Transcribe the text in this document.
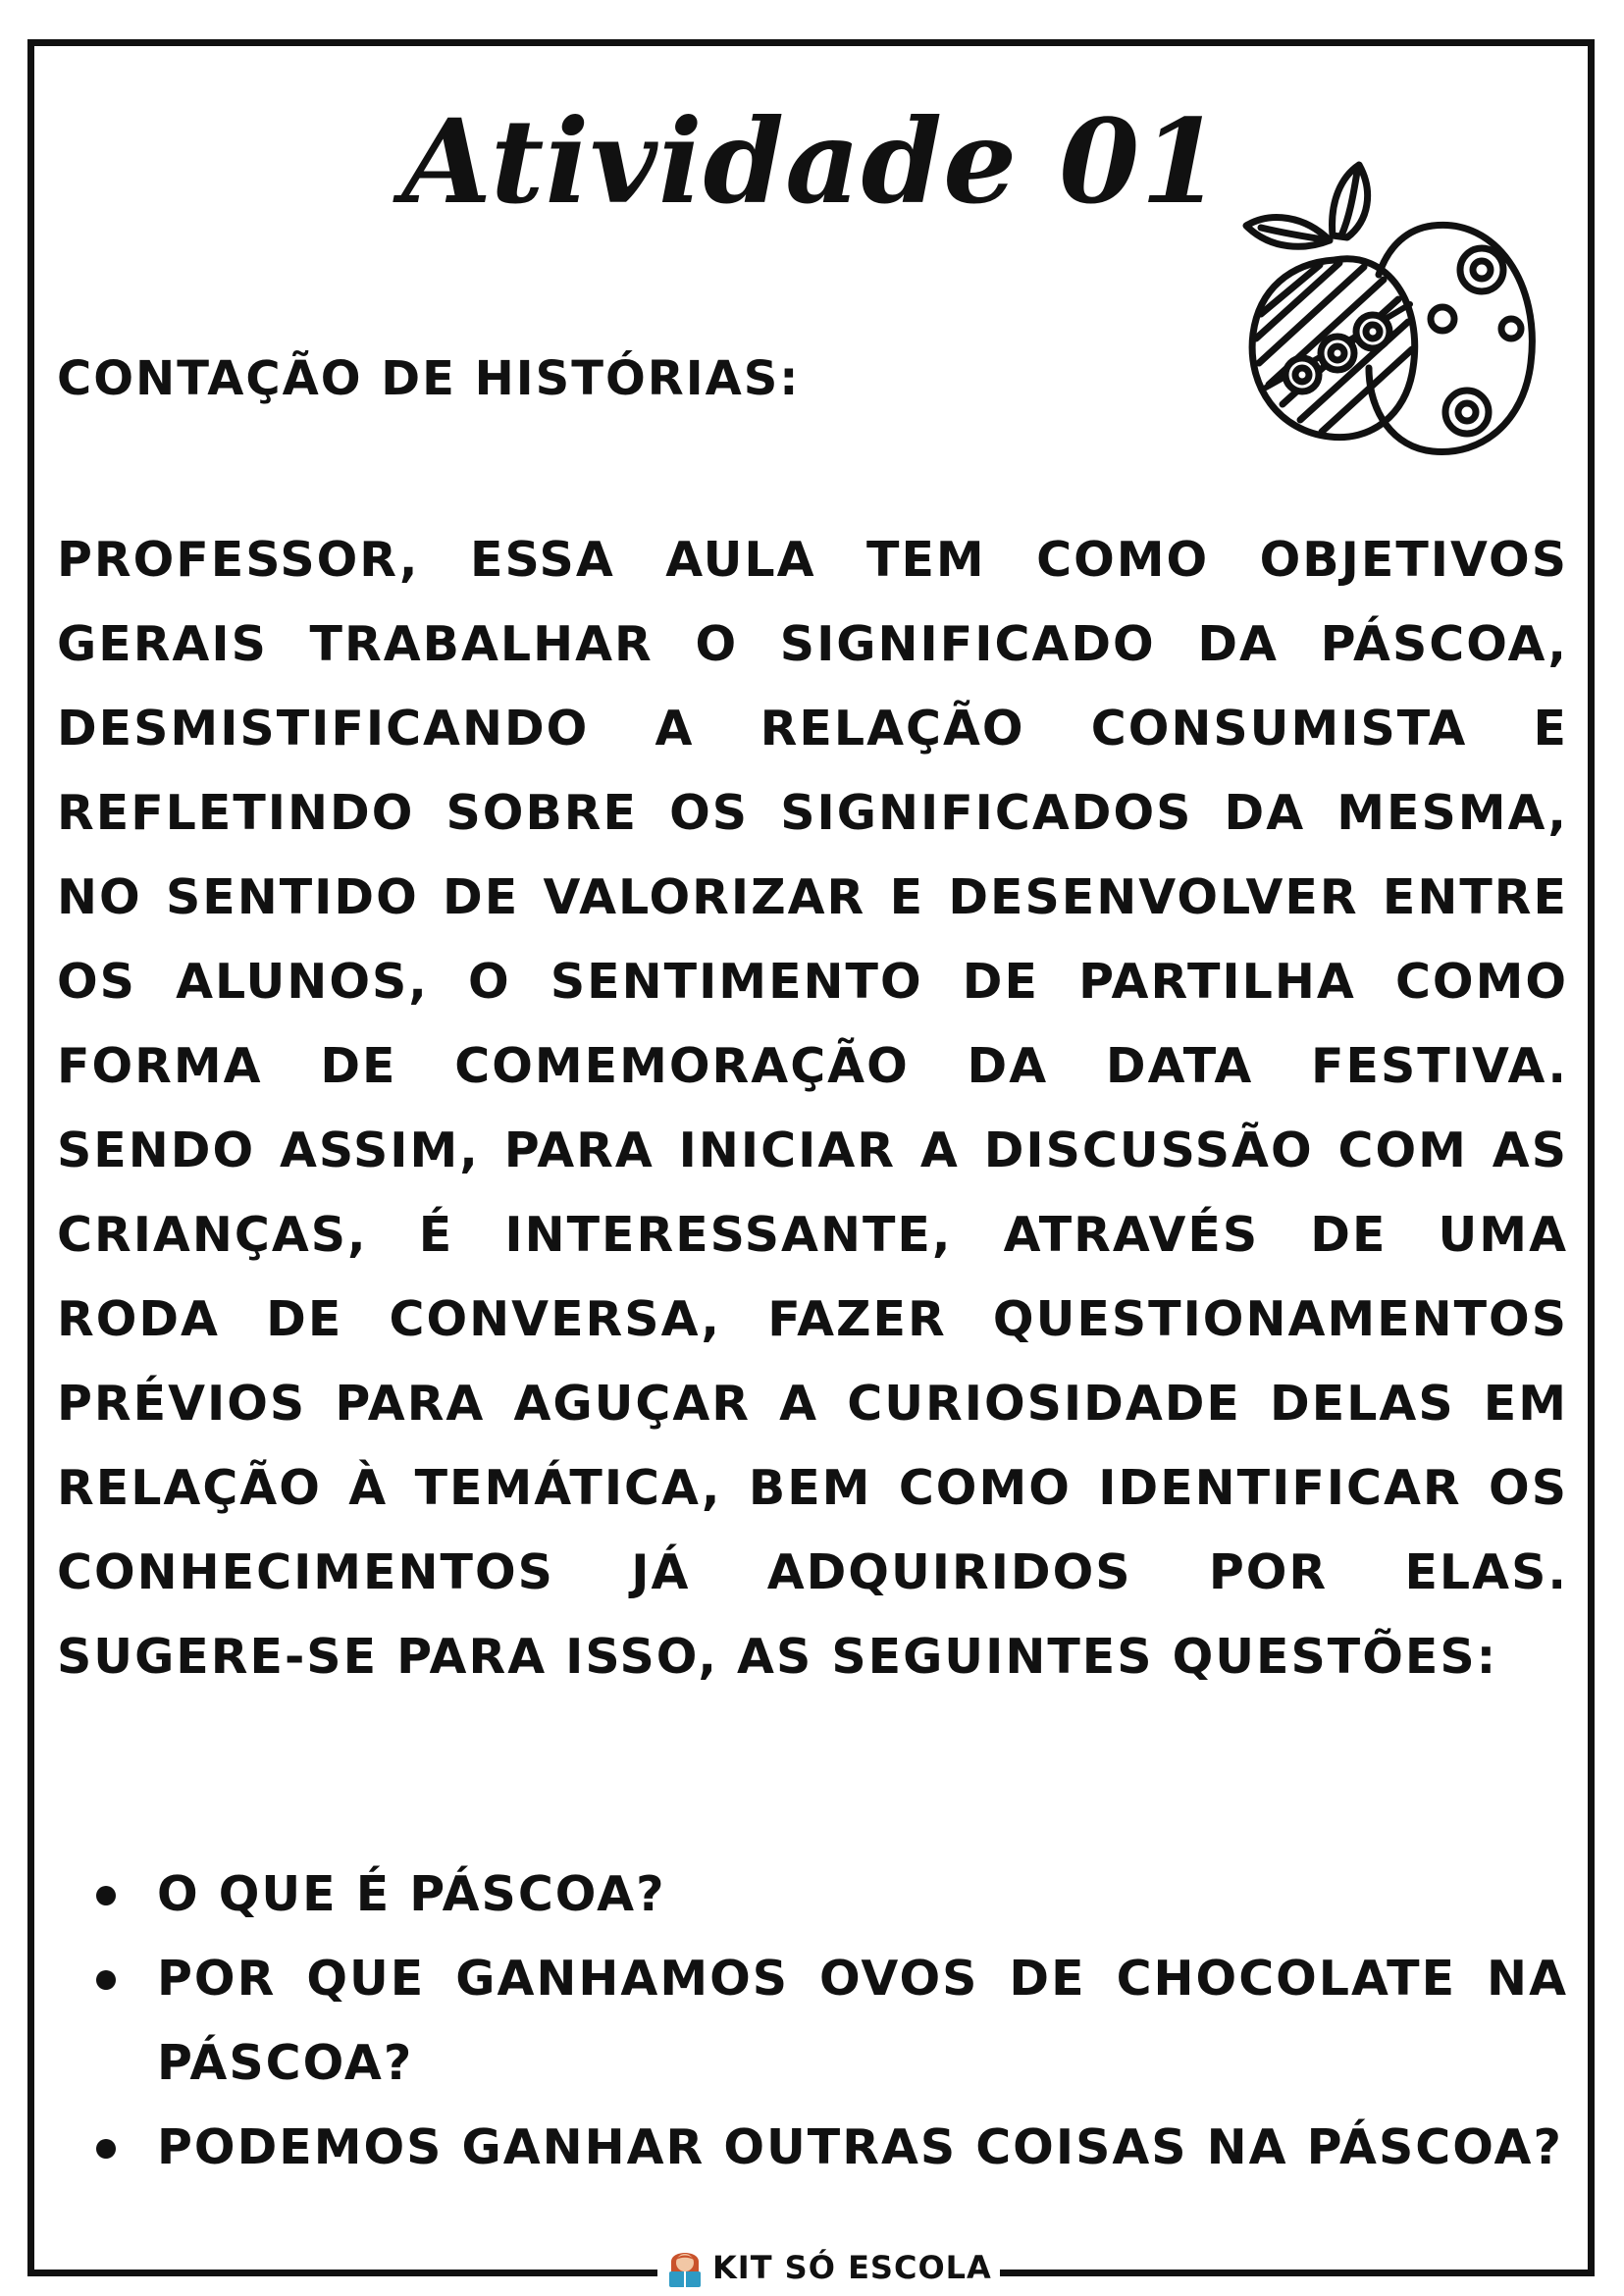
Atividade 01

CONTAÇÃO DE HISTÓRIAS:

PROFESSOR, ESSA AULA TEM COMO OBJETIVOS GERAIS TRABALHAR O SIGNIFICADO DA PÁSCOA, DESMISTIFICANDO A RELAÇÃO CONSUMISTA E REFLETINDO SOBRE OS SIGNIFICADOS DA MESMA, NO SENTIDO DE VALORIZAR E DESENVOLVER ENTRE OS ALUNOS, O SENTIMENTO DE PARTILHA COMO FORMA DE COMEMORAÇÃO DA DATA FESTIVA. SENDO ASSIM, PARA INICIAR A DISCUSSÃO COM AS CRIANÇAS, É INTERESSANTE, ATRAVÉS DE UMA RODA DE CONVERSA, FAZER QUESTIONAMENTOS PRÉVIOS PARA AGUÇAR A CURIOSIDADE DELAS EM RELAÇÃO À TEMÁTICA, BEM COMO IDENTIFICAR OS CONHECIMENTOS JÁ ADQUIRIDOS POR ELAS. SUGERE-SE PARA ISSO, AS SEGUINTES QUESTÕES:

O QUE É PÁSCOA?
POR QUE GANHAMOS OVOS DE CHOCOLATE NA PÁSCOA?
PODEMOS GANHAR OUTRAS COISAS NA PÁSCOA?
KIT SÓ ESCOLA
